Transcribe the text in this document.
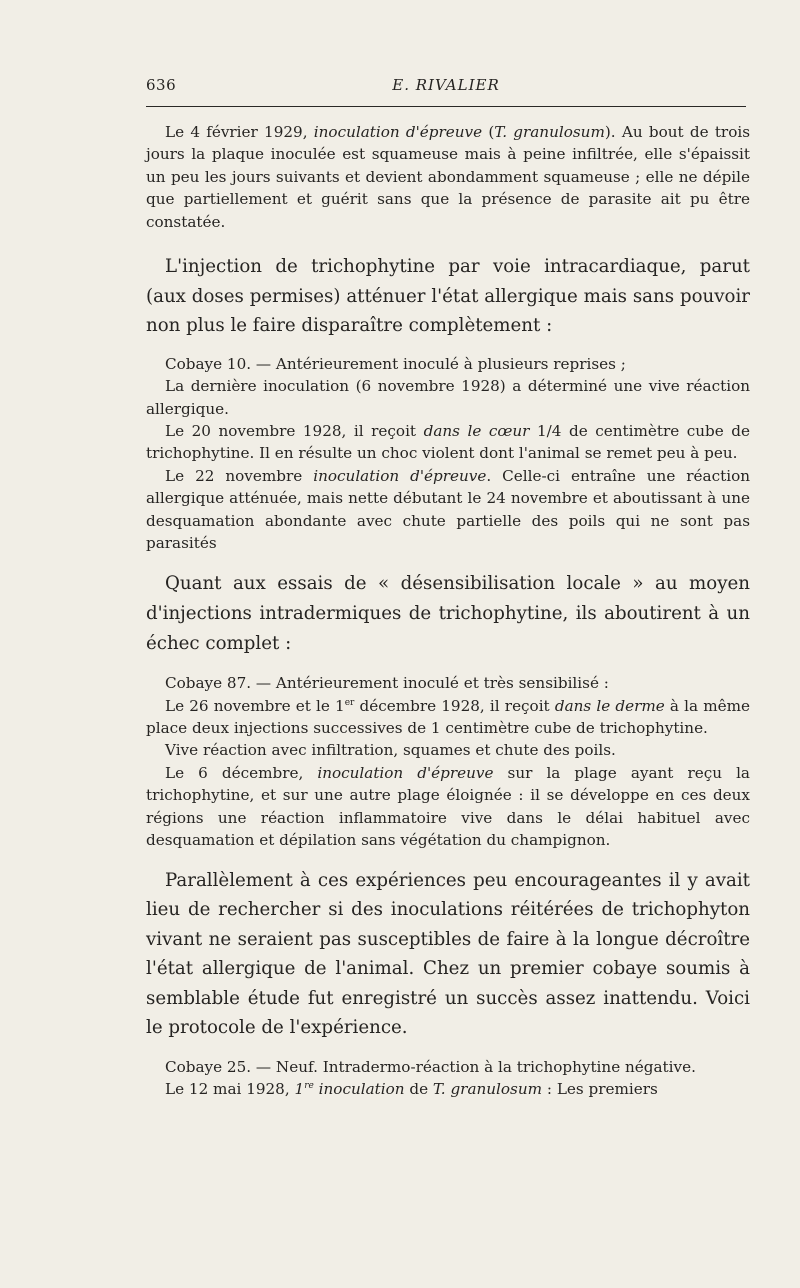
636	E. RIVALIER

Le 4 février 1929, inoculation d'épreuve (T. granulosum). Au bout de trois jours la plaque inoculée est squameuse mais à peine infiltrée, elle s'épaissit un peu les jours suivants et devient abondamment squameuse ; elle ne dépile que partiellement et guérit sans que la présence de parasite ait pu être constatée.

L'injection de trichophytine par voie intracardiaque, parut (aux doses permises) atténuer l'état allergique mais sans pouvoir non plus le faire disparaître complètement :

Cobaye 10. — Antérieurement inoculé à plusieurs reprises ;

La dernière inoculation (6 novembre 1928) a déterminé une vive réaction allergique.

Le 20 novembre 1928, il reçoit dans le cœur 1/4 de centimètre cube de trichophytine. Il en résulte un choc violent dont l'animal se remet peu à peu.

Le 22 novembre inoculation d'épreuve. Celle-ci entraîne une réaction allergique atténuée, mais nette débutant le 24 novembre et aboutissant à une desquamation abondante avec chute partielle des poils qui ne sont pas parasités

Quant aux essais de « désensibilisation locale » au moyen d'injections intradermiques de trichophytine, ils aboutirent à un échec complet :

Cobaye 87. — Antérieurement inoculé et très sensibilisé :

Le 26 novembre et le 1er décembre 1928, il reçoit dans le derme à la même place deux injections successives de 1 centimètre cube de trichophytine.

Vive réaction avec infiltration, squames et chute des poils.

Le 6 décembre, inoculation d'épreuve sur la plage ayant reçu la trichophytine, et sur une autre plage éloignée : il se développe en ces deux régions une réaction inflammatoire vive dans le délai habituel avec desquamation et dépilation sans végétation du champignon.

Parallèlement à ces expériences peu encourageantes il y avait lieu de rechercher si des inoculations réitérées de trichophyton vivant ne seraient pas susceptibles de faire à la longue décroître l'état allergique de l'animal. Chez un premier cobaye soumis à semblable étude fut enregistré un succès assez inattendu. Voici le protocole de l'expérience.

Cobaye 25. — Neuf. Intradermo-réaction à la trichophytine négative.

Le 12 mai 1928, 1re inoculation de T. granulosum : Les premiers
